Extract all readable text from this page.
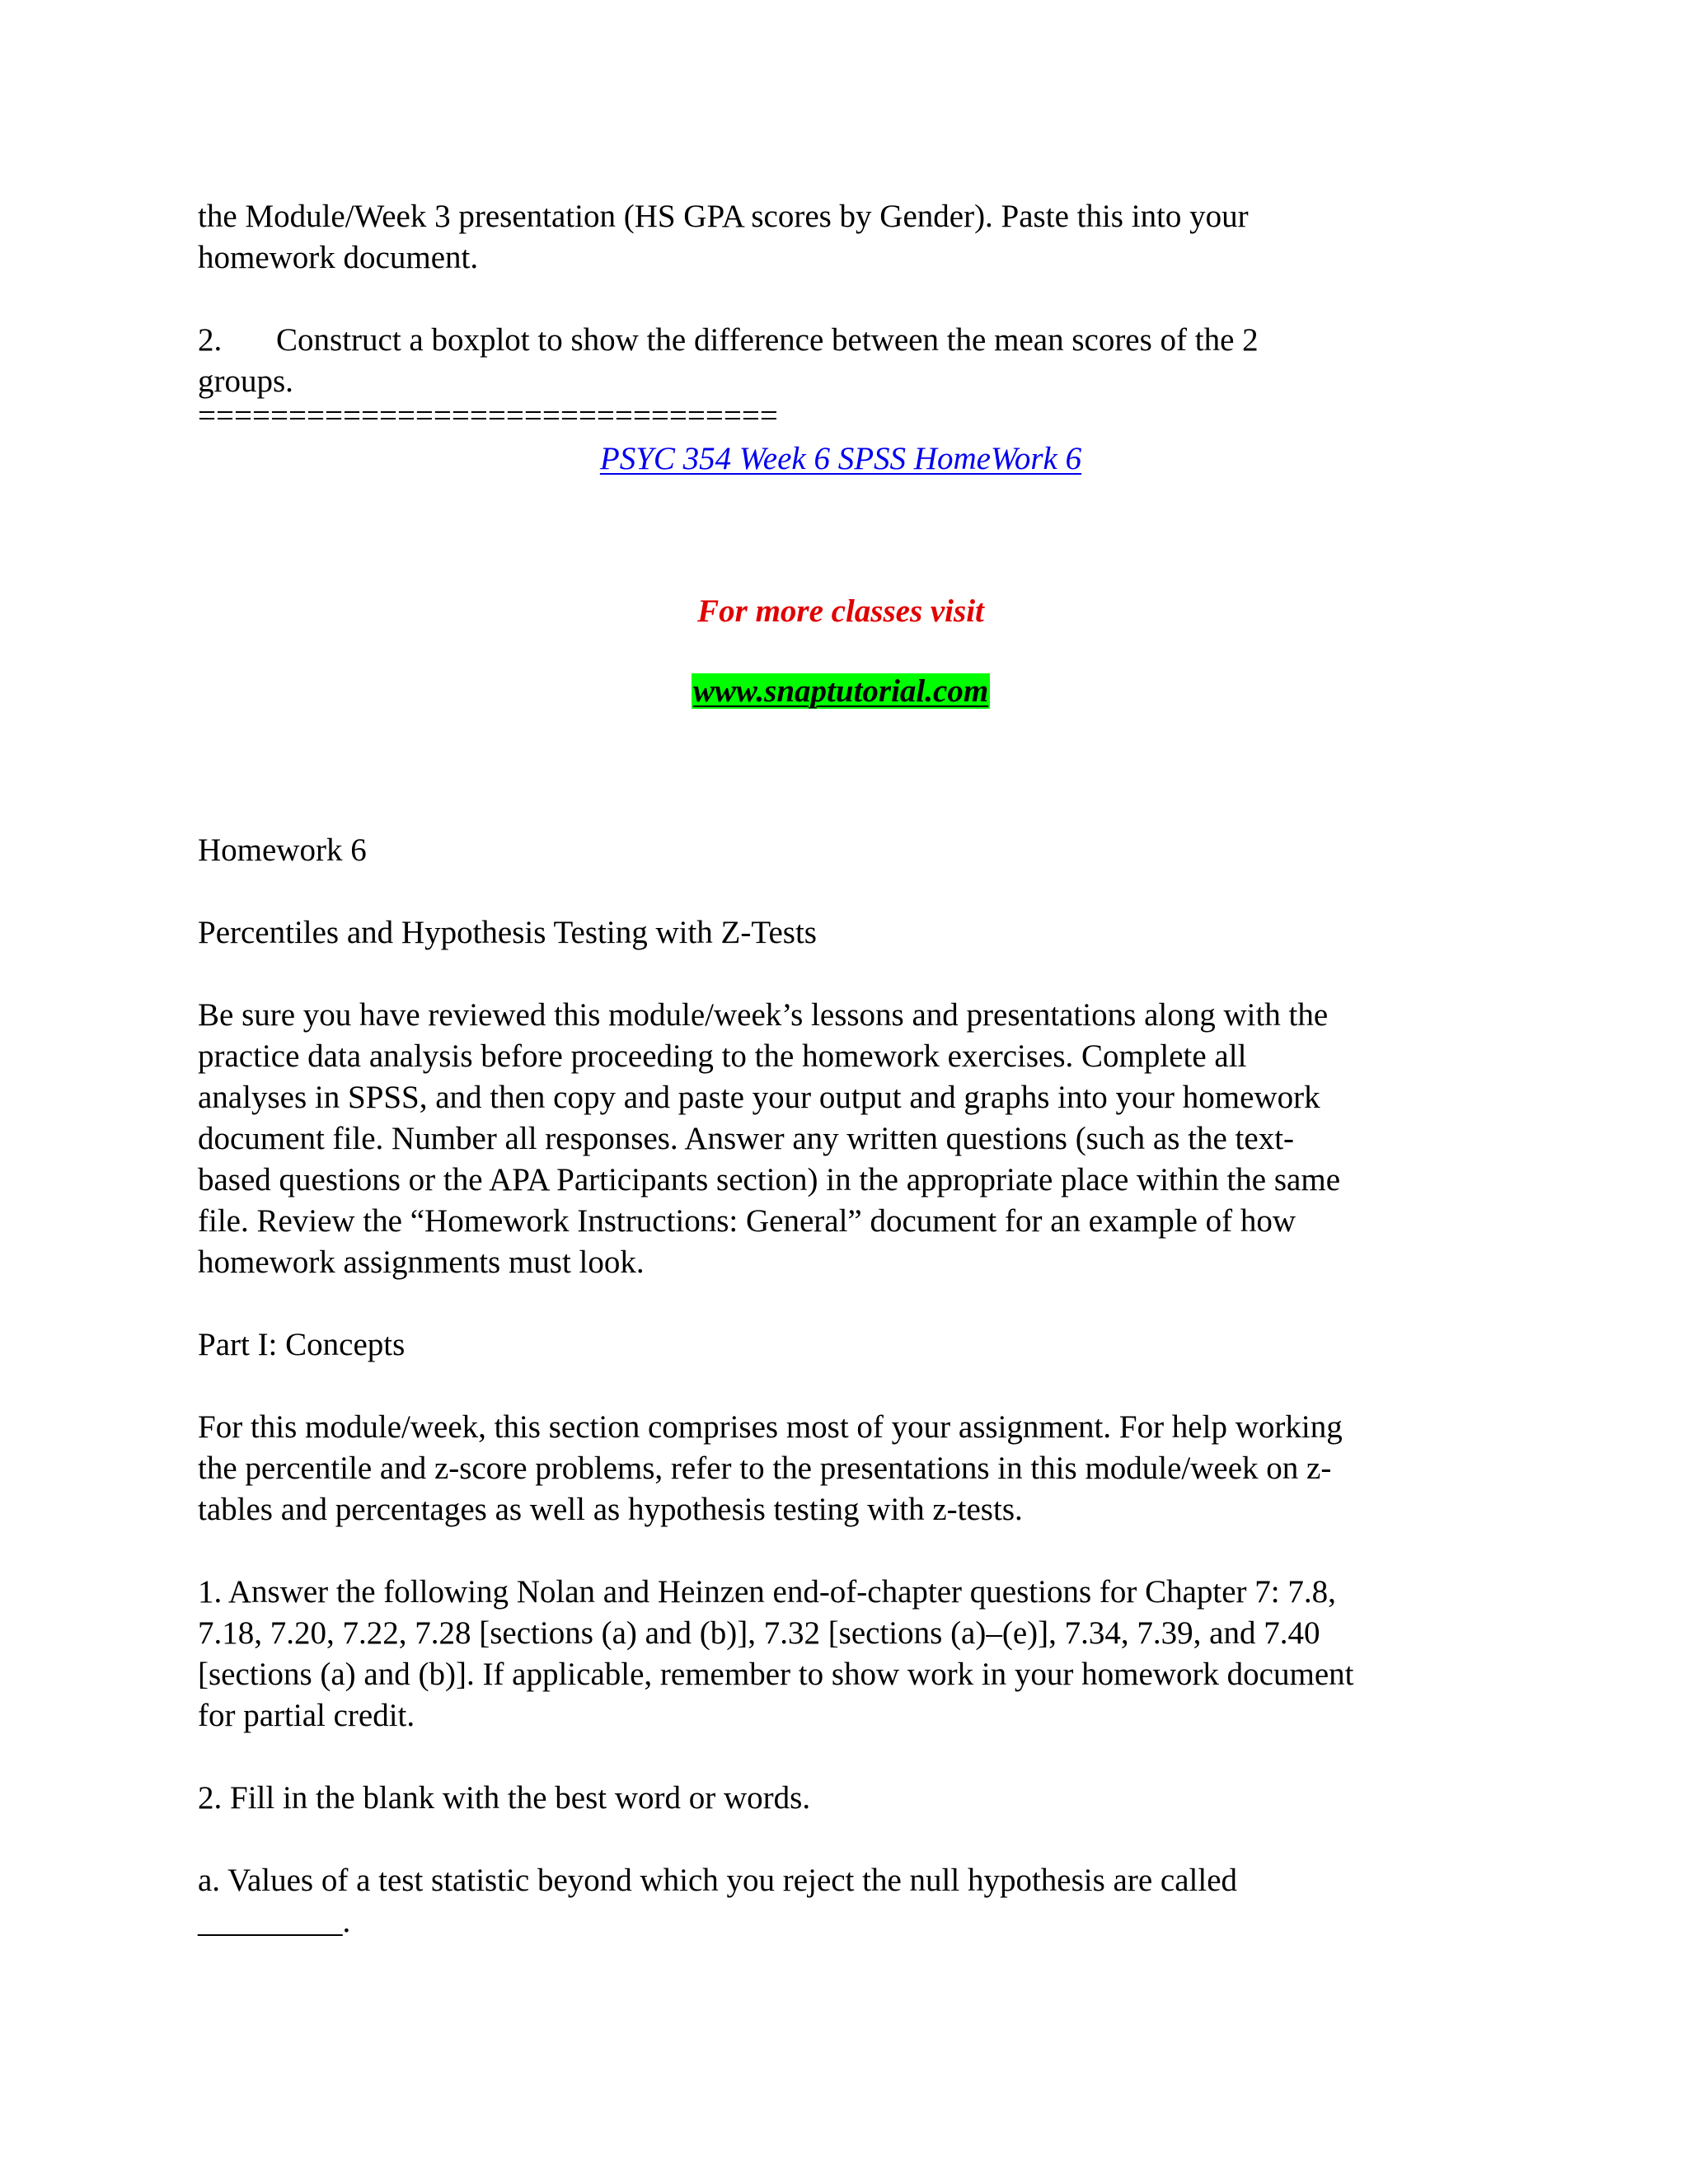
the Module/Week 3 presentation (HS GPA scores by Gender). Paste this into your

homework document.

2. Construct a boxplot to show the difference between the mean scores of the 2

groups.

================================

PSYC 354 Week 6 SPSS HomeWork 6

For more classes visit

www.snaptutorial.com

Homework 6

Percentiles and Hypothesis Testing with Z-Tests

Be sure you have reviewed this module/week’s lessons and presentations along with the

practice data analysis before proceeding to the homework exercises. Complete all

analyses in SPSS, and then copy and paste your output and graphs into your homework

document file. Number all responses. Answer any written questions (such as the text-

based questions or the APA Participants section) in the appropriate place within the same

file. Review the “Homework Instructions: General” document for an example of how

homework assignments must look.

Part I: Concepts

For this module/week, this section comprises most of your assignment. For help working

the percentile and z-score problems, refer to the presentations in this module/week on z-

tables and percentages as well as hypothesis testing with z-tests.

1. Answer the following Nolan and Heinzen end-of-chapter questions for Chapter 7: 7.8,

7.18, 7.20, 7.22, 7.28 [sections (a) and (b)], 7.32 [sections (a)–(e)], 7.34, 7.39, and 7.40

[sections (a) and (b)]. If applicable, remember to show work in your homework document

for partial credit.

2. Fill in the blank with the best word or words.

a. Values of a test statistic beyond which you reject the null hypothesis are called

_________.
